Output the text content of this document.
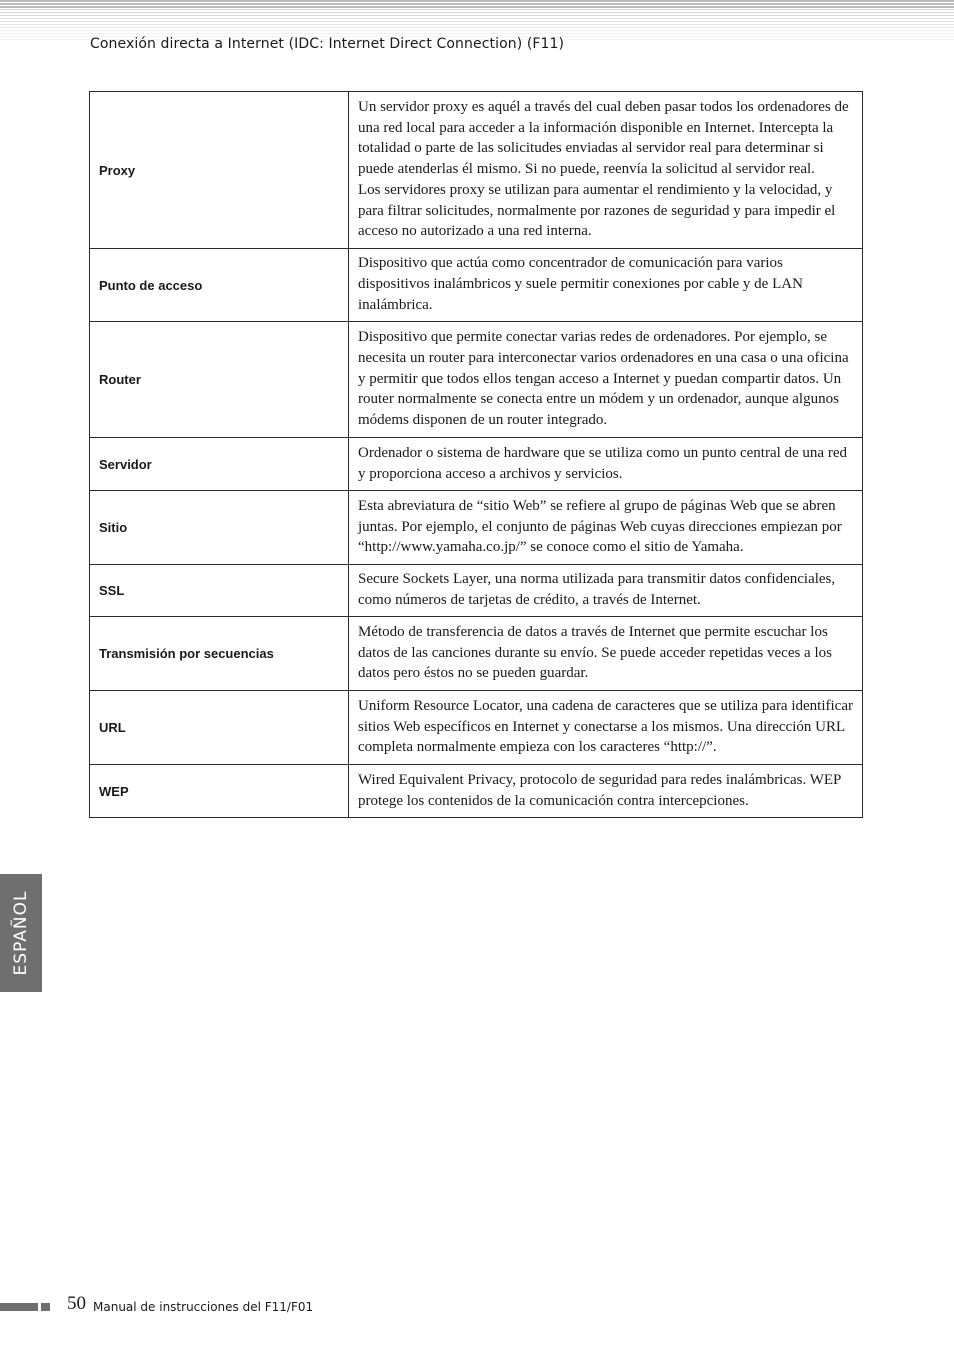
Conexión directa a Internet (IDC: Internet Direct Connection) (F11)
Proxy	Un servidor proxy es aquél a través del cual deben pasar todos los ordenadores de una red local para acceder a la información disponible en Internet. Intercepta la totalidad o parte de las solicitudes enviadas al servidor real para determinar si puede atenderlas él mismo. Si no puede, reenvía la solicitud al servidor real.
Los servidores proxy se utilizan para aumentar el rendimiento y la velocidad, y para filtrar solicitudes, normalmente por razones de seguridad y para impedir el acceso no autorizado a una red interna.
Punto de acceso	Dispositivo que actúa como concentrador de comunicación para varios dispositivos inalámbricos y suele permitir conexiones por cable y de LAN inalámbrica.
Router	Dispositivo que permite conectar varias redes de ordenadores. Por ejemplo, se necesita un router para interconectar varios ordenadores en una casa o una oficina y permitir que todos ellos tengan acceso a Internet y puedan compartir datos. Un router normalmente se conecta entre un módem y un ordenador, aunque algunos módems disponen de un router integrado.
Servidor	Ordenador o sistema de hardware que se utiliza como un punto central de una red y proporciona acceso a archivos y servicios.
Sitio	Esta abreviatura de “sitio Web” se refiere al grupo de páginas Web que se abren juntas. Por ejemplo, el conjunto de páginas Web cuyas direcciones empiezan por “http://www.yamaha.co.jp/” se conoce como el sitio de Yamaha.
SSL	Secure Sockets Layer, una norma utilizada para transmitir datos confidenciales, como números de tarjetas de crédito, a través de Internet.
Transmisión por secuencias	Método de transferencia de datos a través de Internet que permite escuchar los datos de las canciones durante su envío. Se puede acceder repetidas veces a los datos pero éstos no se pueden guardar.
URL	Uniform Resource Locator, una cadena de caracteres que se utiliza para identificar sitios Web específicos en Internet y conectarse a los mismos. Una dirección URL completa normalmente empieza con los caracteres “http://”.
WEP	Wired Equivalent Privacy, protocolo de seguridad para redes inalámbricas. WEP protege los contenidos de la comunicación contra intercepciones.
ESPAÑOL
50 Manual de instrucciones del F11/F01
